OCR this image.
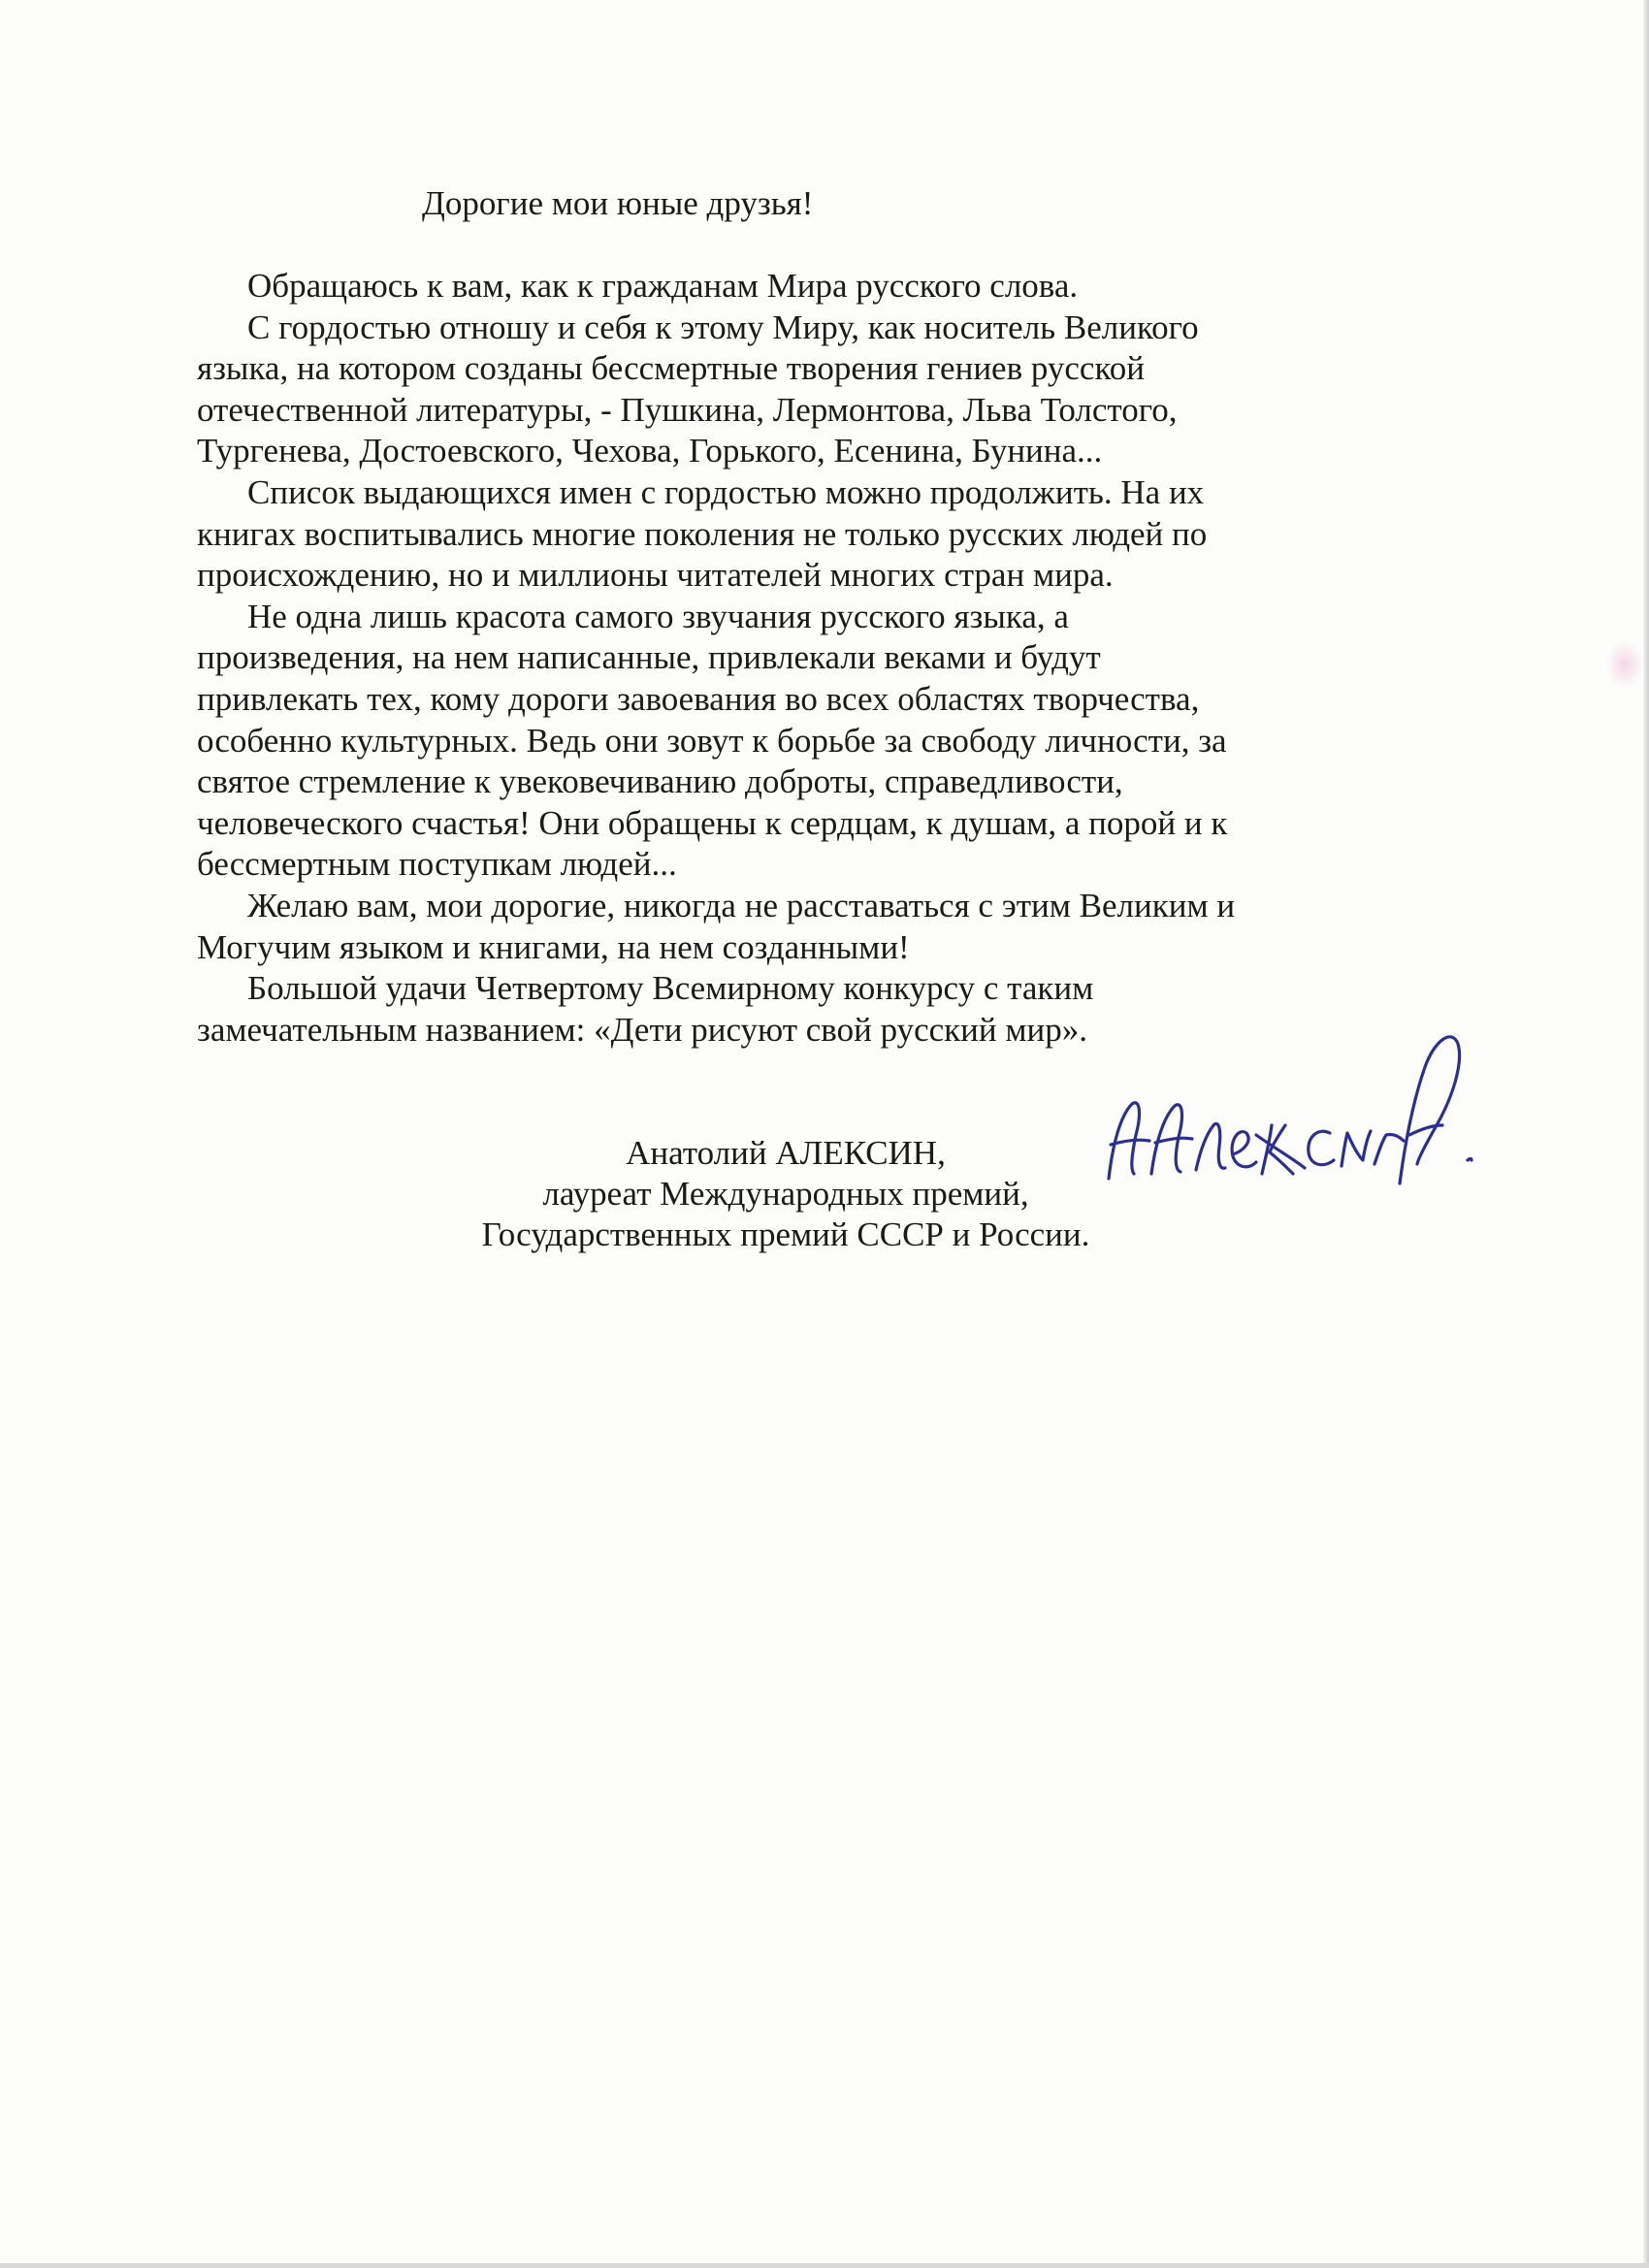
Дорогие мои юные друзья!
Обращаюсь к вам, как к гражданам Мира русского слова.
С гордостью отношу и себя к этому Миру, как носитель Великого
языка, на котором созданы бессмертные творения гениев русской
отечественной литературы, - Пушкина, Лермонтова, Льва Толстого,
Тургенева, Достоевского, Чехова, Горького, Есенина, Бунина...
Список выдающихся имен с гордостью можно продолжить. На их
книгах воспитывались многие поколения не только русских людей по
происхождению, но и миллионы читателей многих стран мира.
Не одна лишь красота самого звучания русского языка, а
произведения, на нем написанные, привлекали веками и будут
привлекать тех, кому дороги завоевания во всех областях творчества,
особенно культурных. Ведь они зовут к борьбе за свободу личности, за
святое стремление к увековечиванию доброты, справедливости,
человеческого счастья! Они обращены к сердцам, к душам, а порой и к
бессмертным поступкам людей...
Желаю вам, мои дорогие, никогда не расставаться с этим Великим и
Могучим языком и книгами, на нем созданными!
Большой удачи Четвертому Всемирному конкурсу с таким
замечательным названием: «Дети рисуют свой русский мир».
Анатолий АЛЕКСИН,
лауреат Международных премий,
Государственных премий СССР и России.
